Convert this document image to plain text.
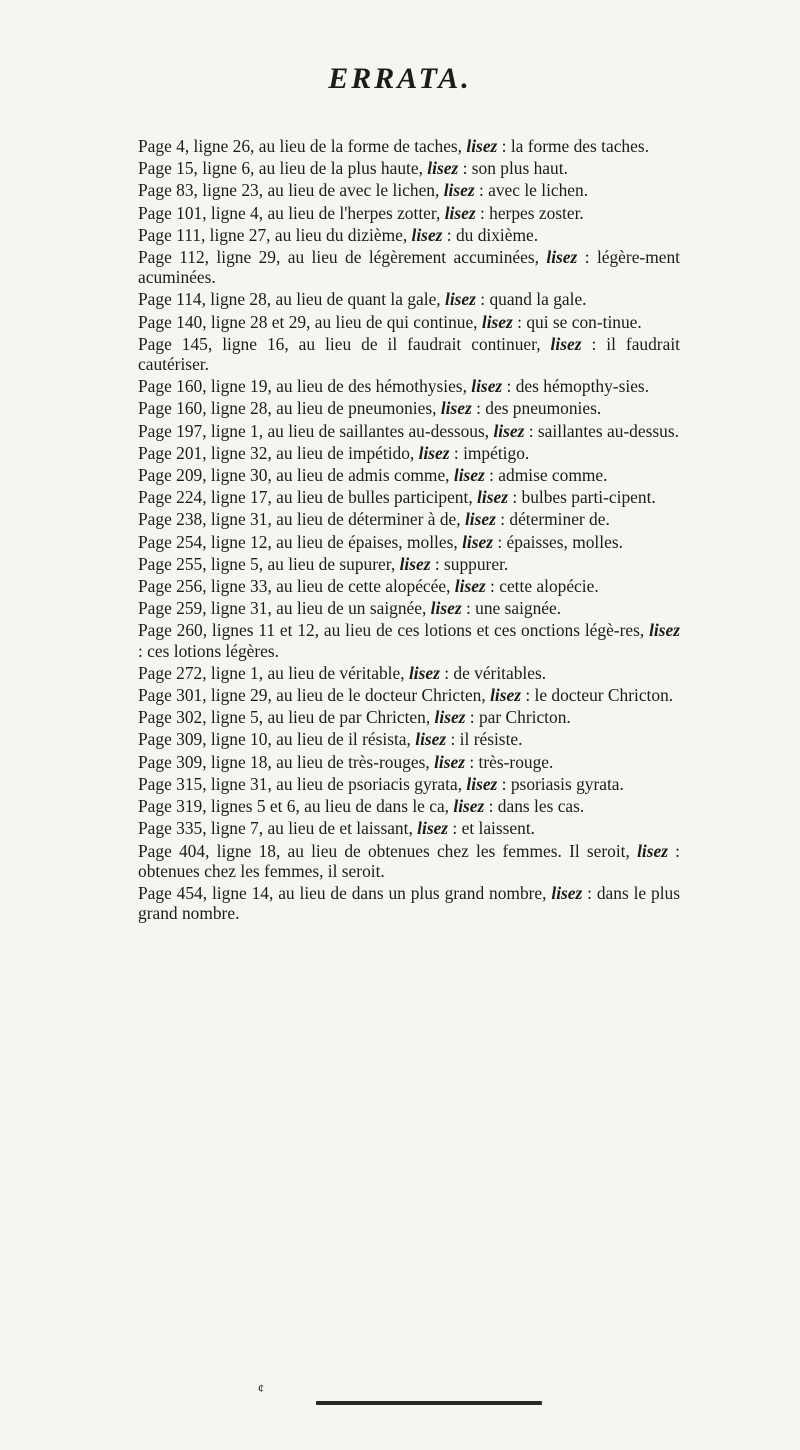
ERRATA.

Page 4, ligne 26, au lieu de la forme de taches, lisez : la forme des taches.

Page 15, ligne 6, au lieu de la plus haute, lisez : son plus haut.

Page 83, ligne 23, au lieu de avec le lichen, lisez : avec le lichen.

Page 101, ligne 4, au lieu de l'herpes zotter, lisez : herpes zoster.

Page 111, ligne 27, au lieu du dizième, lisez : du dixième.

Page 112, ligne 29, au lieu de légèrement accuminées, lisez : légère-ment acuminées.

Page 114, ligne 28, au lieu de quant la gale, lisez : quand la gale.

Page 140, ligne 28 et 29, au lieu de qui continue, lisez : qui se con-tinue.

Page 145, ligne 16, au lieu de il faudrait continuer, lisez : il faudrait cautériser.

Page 160, ligne 19, au lieu de des hémothysies, lisez : des hémopthy-sies.

Page 160, ligne 28, au lieu de pneumonies, lisez : des pneumonies.

Page 197, ligne 1, au lieu de saillantes au-dessous, lisez : saillantes au-dessus.

Page 201, ligne 32, au lieu de impétido, lisez : impétigo.

Page 209, ligne 30, au lieu de admis comme, lisez : admise comme.

Page 224, ligne 17, au lieu de bulles participent, lisez : bulbes parti-cipent.

Page 238, ligne 31, au lieu de déterminer à de, lisez : déterminer de.

Page 254, ligne 12, au lieu de épaises, molles, lisez : épaisses, molles.

Page 255, ligne 5, au lieu de supurer, lisez : suppurer.

Page 256, ligne 33, au lieu de cette alopécée, lisez : cette alopécie.

Page 259, ligne 31, au lieu de un saignée, lisez : une saignée.

Page 260, lignes 11 et 12, au lieu de ces lotions et ces onctions légè-res, lisez : ces lotions légères.

Page 272, ligne 1, au lieu de véritable, lisez : de véritables.

Page 301, ligne 29, au lieu de le docteur Chricten, lisez : le docteur Chricton.

Page 302, ligne 5, au lieu de par Chricten, lisez : par Chricton.

Page 309, ligne 10, au lieu de il résista, lisez : il résiste.

Page 309, ligne 18, au lieu de très-rouges, lisez : très-rouge.

Page 315, ligne 31, au lieu de psoriacis gyrata, lisez : psoriasis gyrata.

Page 319, lignes 5 et 6, au lieu de dans le ca, lisez : dans les cas.

Page 335, ligne 7, au lieu de et laissant, lisez : et laissent.

Page 404, ligne 18, au lieu de obtenues chez les femmes. Il seroit, lisez : obtenues chez les femmes, il seroit.

Page 454, ligne 14, au lieu de dans un plus grand nombre, lisez : dans le plus grand nombre.

¢
